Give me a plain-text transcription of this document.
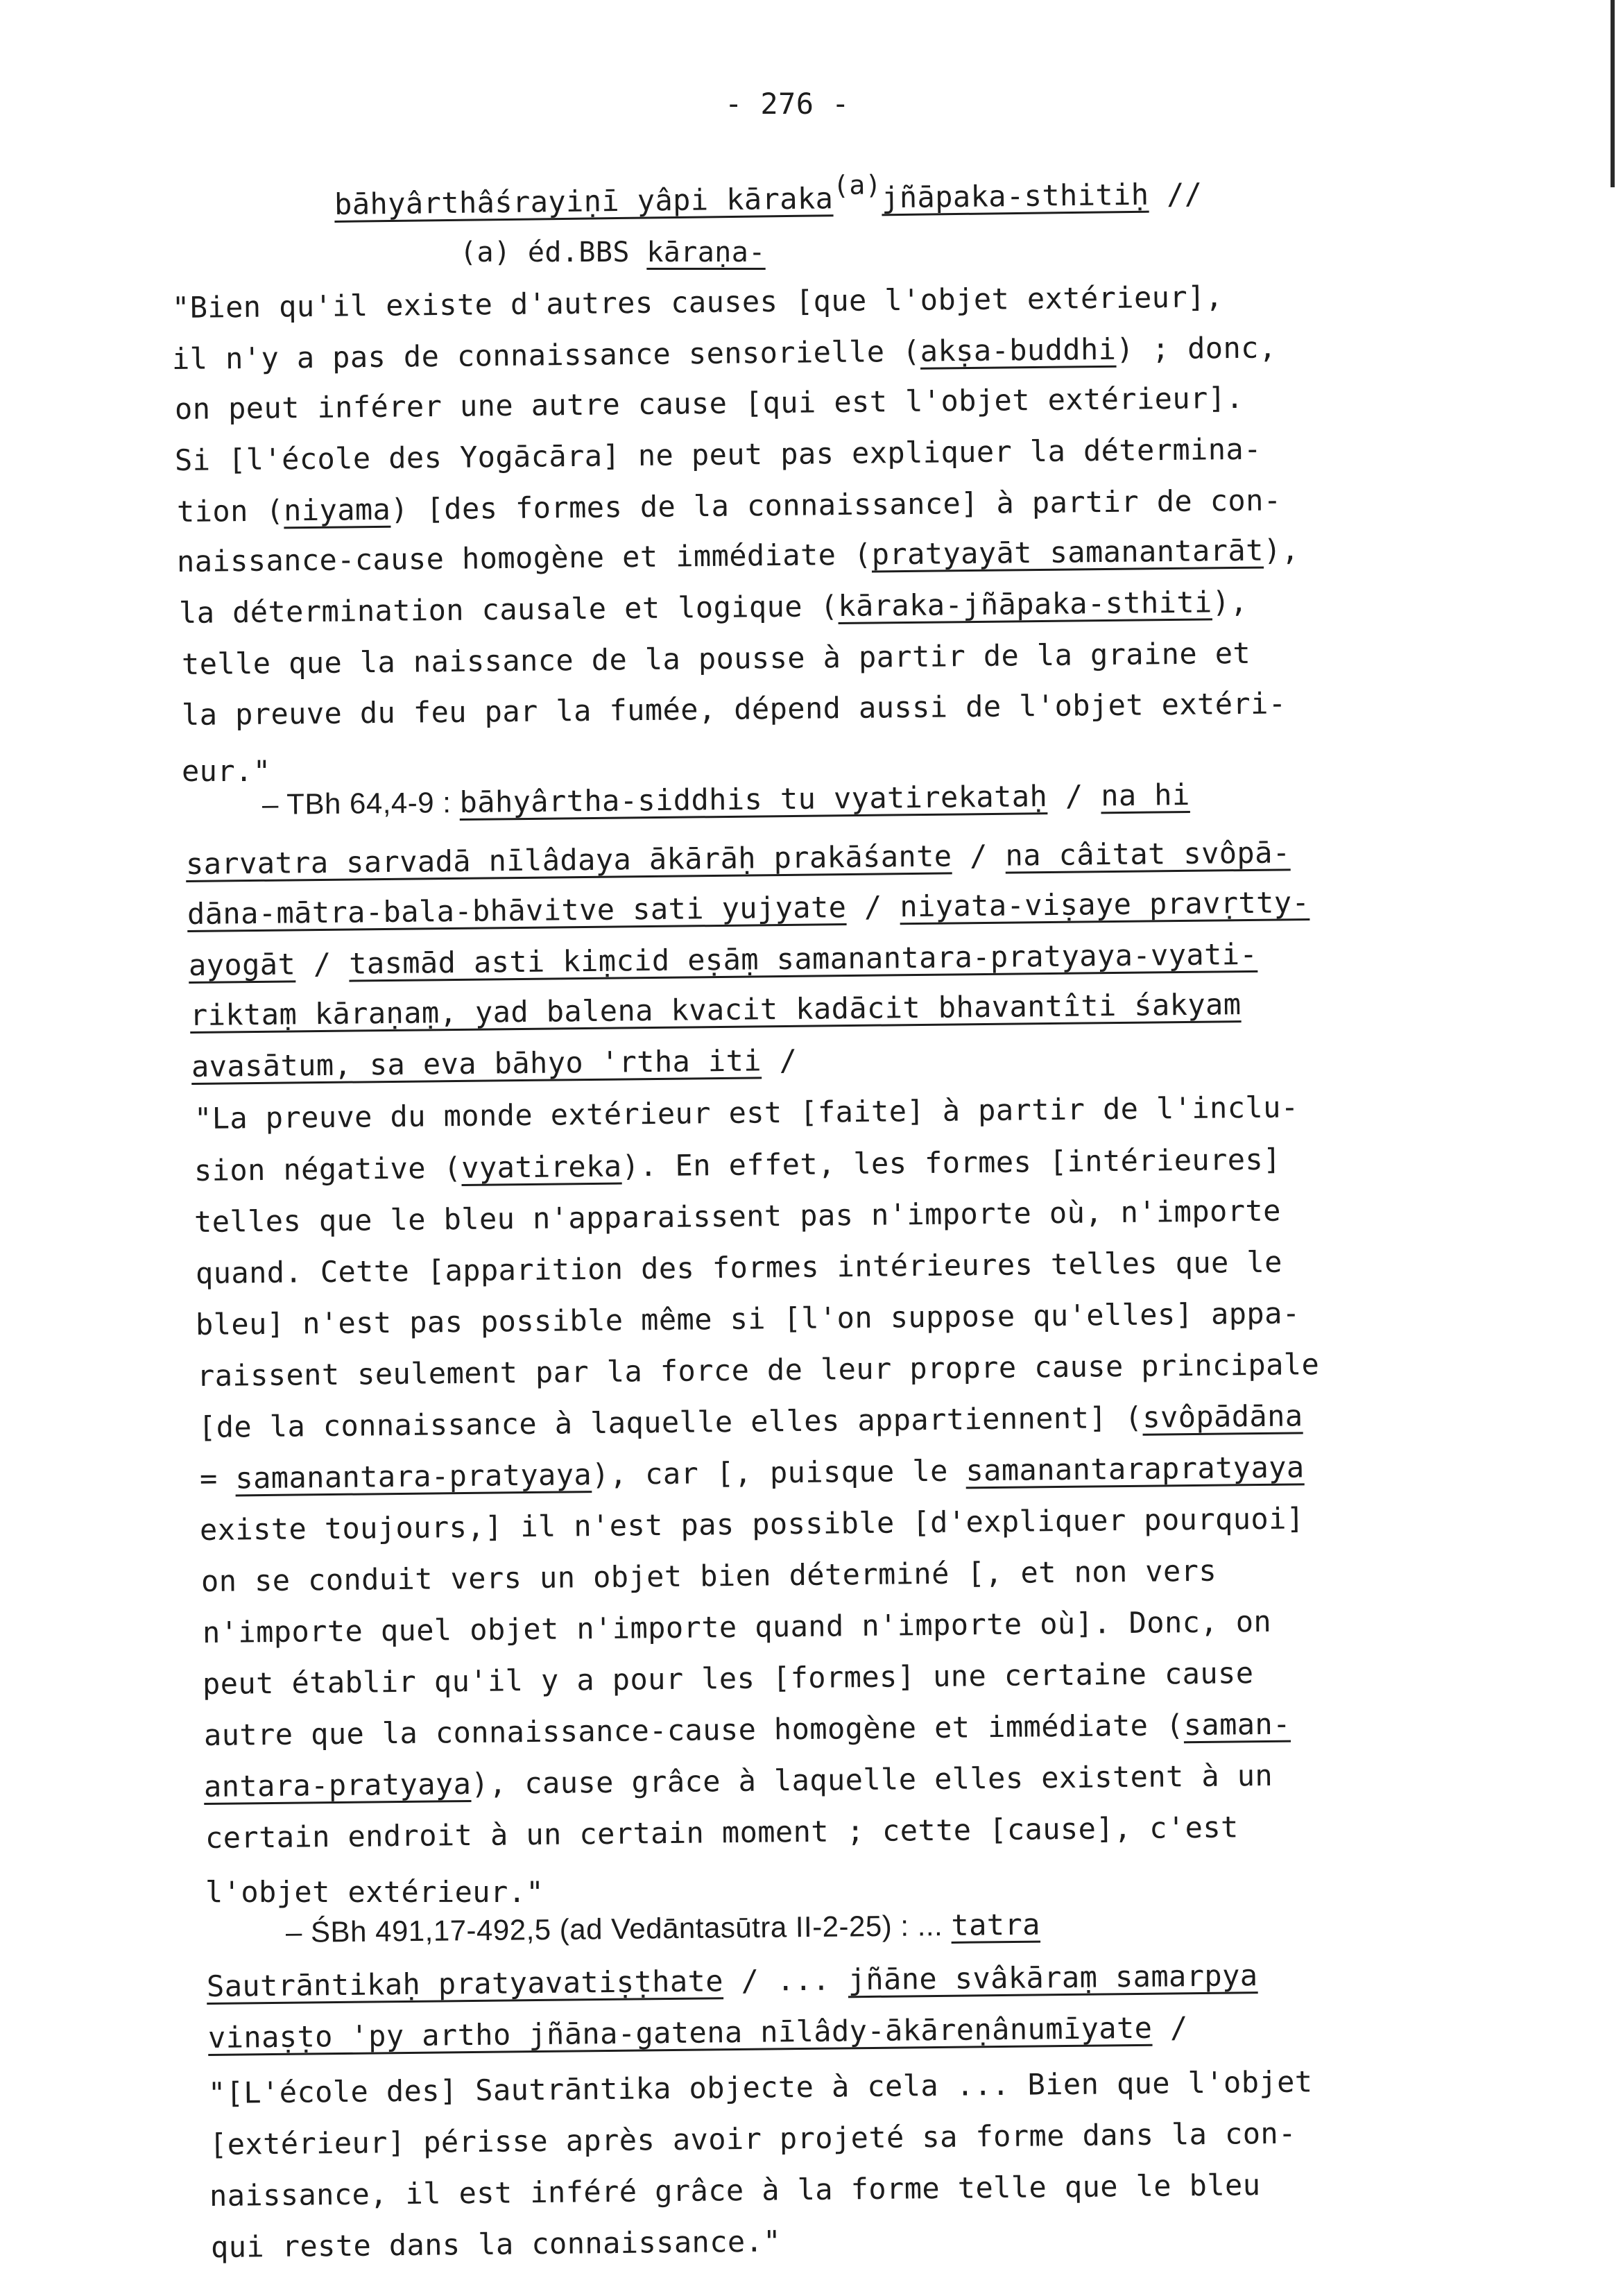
- 276 -
bāhyârthâśrayiṇī yâpi kāraka(a)jñāpaka-sthitiḥ //
(a) éd.BBS kāraṇa-
"Bien qu'il existe d'autres causes [que l'objet extérieur],
il n'y a pas de connaissance sensorielle (akṣa-buddhi) ; donc,
on peut inférer une autre cause [qui est l'objet extérieur].
Si [l'école des Yogācāra] ne peut pas expliquer la détermina-
tion (niyama) [des formes de la connaissance] à partir de con-
naissance-cause homogène et immédiate (pratyayāt samanantarāt),
la détermination causale et logique (kāraka-jñāpaka-sthiti),
telle que la naissance de la pousse à partir de la graine et
la preuve du feu par la fumée, dépend aussi de l'objet extéri-
eur."
– TBh 64,4-9 : bāhyârtha-siddhis tu vyatirekataḥ / na hi
sarvatra sarvadā nīlâdaya ākārāḥ prakāśante / na câitat svôpā-
dāna-mātra-bala-bhāvitve sati yujyate / niyata-viṣaye pravṛtty-
ayogāt / tasmād asti kiṃcid eṣāṃ samanantara-pratyaya-vyati-
riktaṃ kāraṇaṃ, yad balena kvacit kadācit bhavantîti śakyam
avasātum, sa eva bāhyo 'rtha iti /
"La preuve du monde extérieur est [faite] à partir de l'inclu-
sion négative (vyatireka). En effet, les formes [intérieures]
telles que le bleu n'apparaissent pas n'importe où, n'importe
quand. Cette [apparition des formes intérieures telles que le
bleu] n'est pas possible même si [l'on suppose qu'elles] appa-
raissent seulement par la force de leur propre cause principale
[de la connaissance à laquelle elles appartiennent] (svôpādāna
= samanantara-pratyaya), car [, puisque le samanantarapratyaya
existe toujours,] il n'est pas possible [d'expliquer pourquoi]
on se conduit vers un objet bien déterminé [, et non vers
n'importe quel objet n'importe quand n'importe où]. Donc, on
peut établir qu'il y a pour les [formes] une certaine cause
autre que la connaissance-cause homogène et immédiate (saman-
antara-pratyaya), cause grâce à laquelle elles existent à un
certain endroit à un certain moment ; cette [cause], c'est
l'objet extérieur."
– ŚBh 491,17-492,5 (ad Vedāntasūtra II-2-25) : ... tatra
Sautrāntikaḥ pratyavatiṣṭhate / ... jñāne svâkāraṃ samarpya
vinaṣṭo 'py artho jñāna-gatena nīlâdy-ākāreṇânumīyate /
"[L'école des] Sautrāntika objecte à cela ... Bien que l'objet
[extérieur] périsse après avoir projeté sa forme dans la con-
naissance, il est inféré grâce à la forme telle que le bleu
qui reste dans la connaissance."
